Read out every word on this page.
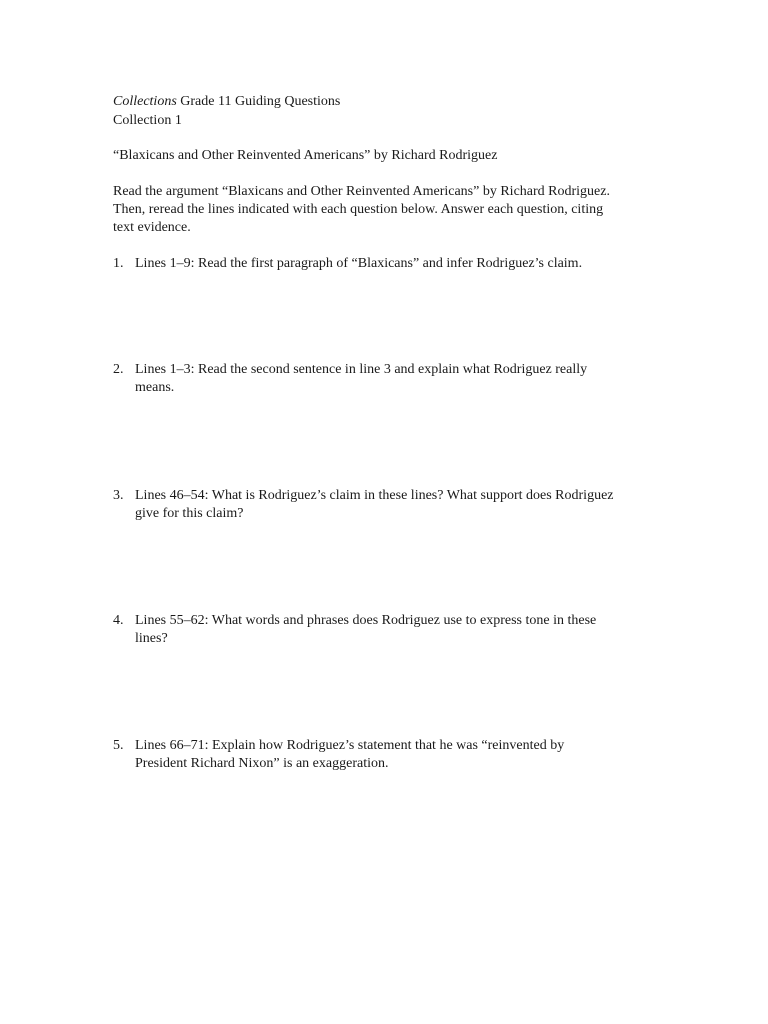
Collections Grade 11 Guiding Questions
Collection 1
“Blaxicans and Other Reinvented Americans” by Richard Rodriguez
Read the argument “Blaxicans and Other Reinvented Americans” by Richard Rodriguez.
Then, reread the lines indicated with each question below. Answer each question, citing
text evidence.
1. Lines 1–9: Read the first paragraph of “Blaxicans” and infer Rodriguez’s claim.
2. Lines 1–3: Read the second sentence in line 3 and explain what Rodriguez really
means.
3. Lines 46–54: What is Rodriguez’s claim in these lines? What support does Rodriguez
give for this claim?
4. Lines 55–62: What words and phrases does Rodriguez use to express tone in these
lines?
5. Lines 66–71: Explain how Rodriguez’s statement that he was “reinvented by
President Richard Nixon” is an exaggeration.
